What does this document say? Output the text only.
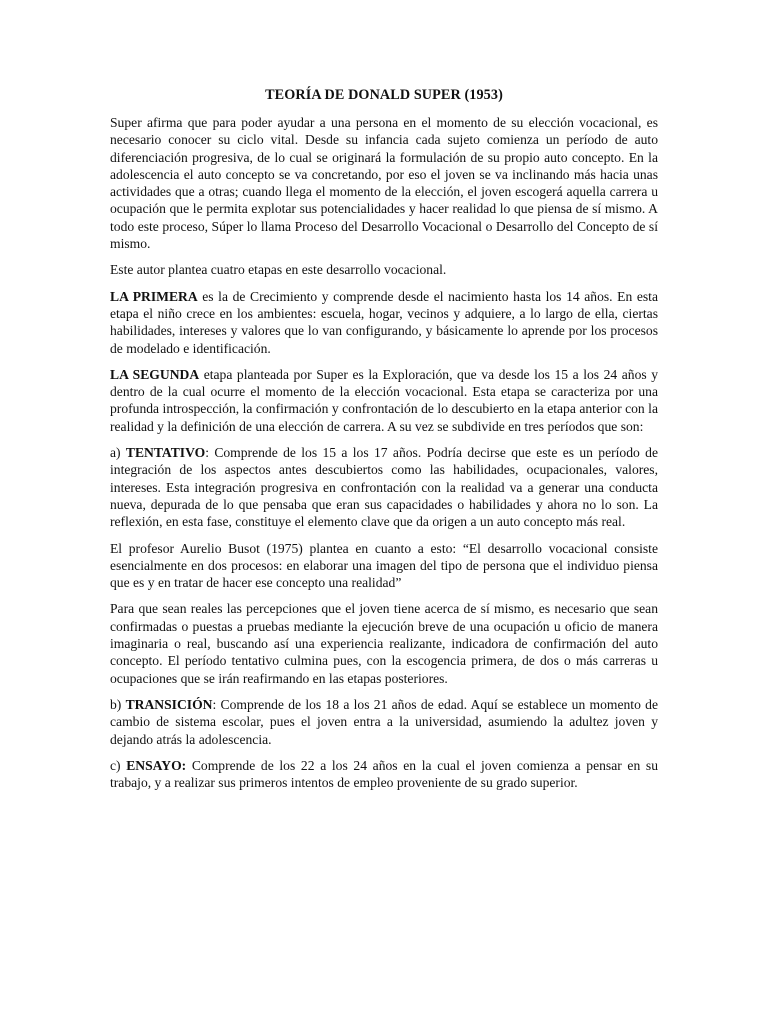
TEORÍA DE DONALD SUPER (1953)

Super afirma que para poder ayudar a una persona en el momento de su elección vocacional, es necesario conocer su ciclo vital. Desde su infancia cada sujeto comienza un período de auto diferenciación progresiva, de lo cual se originará la formulación de su propio auto concepto. En la adolescencia el auto concepto se va concretando, por eso el joven se va inclinando más hacia unas actividades que a otras; cuando llega el momento de la elección, el joven escogerá aquella carrera u ocupación que le permita explotar sus potencialidades y hacer realidad lo que piensa de sí mismo. A todo este proceso, Súper lo llama Proceso del Desarrollo Vocacional o Desarrollo del Concepto de sí mismo.

Este autor plantea cuatro etapas en este desarrollo vocacional.

LA PRIMERA es la de Crecimiento y comprende desde el nacimiento hasta los 14 años. En esta etapa el niño crece en los ambientes: escuela, hogar, vecinos y adquiere, a lo largo de ella, ciertas habilidades, intereses y valores que lo van configurando, y básicamente lo aprende por los procesos de modelado e identificación.

LA SEGUNDA etapa planteada por Super es la Exploración, que va desde los 15 a los 24 años y dentro de la cual ocurre el momento de la elección vocacional. Esta etapa se caracteriza por una profunda introspección, la confirmación y confrontación de lo descubierto en la etapa anterior con la realidad y la definición de una elección de carrera. A su vez se subdivide en tres períodos que son:

a) TENTATIVO: Comprende de los 15 a los 17 años. Podría decirse que este es un período de integración de los aspectos antes descubiertos como las habilidades, ocupacionales, valores, intereses. Esta integración progresiva en confrontación con la realidad va a generar una conducta nueva, depurada de lo que pensaba que eran sus capacidades o habilidades y ahora no lo son. La reflexión, en esta fase, constituye el elemento clave que da origen a un auto concepto más real.

El profesor Aurelio Busot (1975) plantea en cuanto a esto: “El desarrollo vocacional consiste esencialmente en dos procesos: en elaborar una imagen del tipo de persona que el individuo piensa que es y en tratar de hacer ese concepto una realidad”

Para que sean reales las percepciones que el joven tiene acerca de sí mismo, es necesario que sean confirmadas o puestas a pruebas mediante la ejecución breve de una ocupación u oficio de manera imaginaria o real, buscando así una experiencia realizante, indicadora de confirmación del auto concepto. El período tentativo culmina pues, con la escogencia primera, de dos o más carreras u ocupaciones que se irán reafirmando en las etapas posteriores.

b) TRANSICIÓN: Comprende de los 18 a los 21 años de edad. Aquí se establece un momento de cambio de sistema escolar, pues el joven entra a la universidad, asumiendo la adultez joven y dejando atrás la adolescencia.

c) ENSAYO: Comprende de los 22 a los 24 años en la cual el joven comienza a pensar en su trabajo, y a realizar sus primeros intentos de empleo proveniente de su grado superior.
